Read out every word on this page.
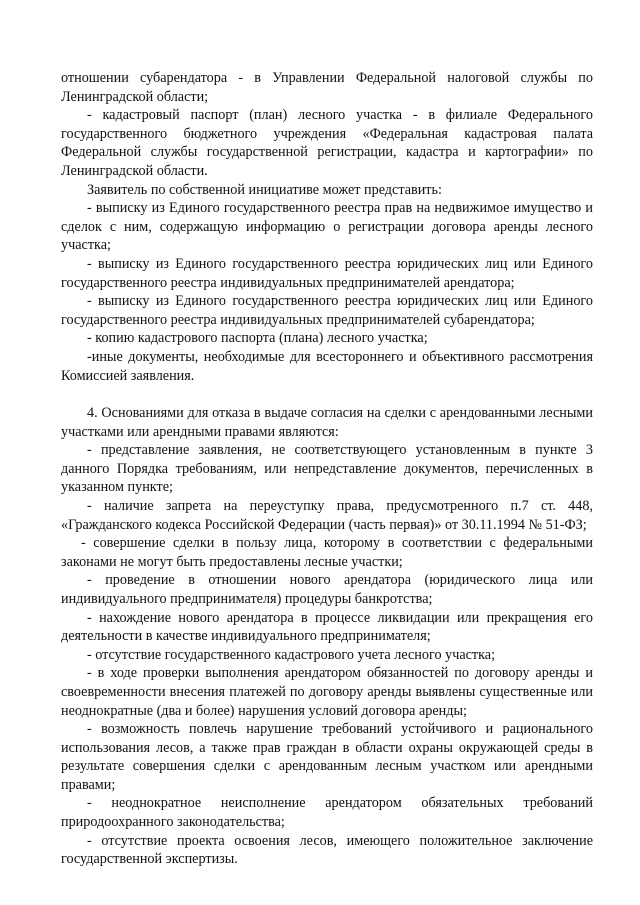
отношении субарендатора - в Управлении Федеральной налоговой службы по Ленинградской области;

- кадастровый паспорт (план) лесного участка - в филиале Федерального государственного бюджетного учреждения «Федеральная кадастровая палата Федеральной службы государственной регистрации, кадастра и картографии» по Ленинградской области.

Заявитель по собственной инициативе может представить:

- выписку из Единого государственного реестра прав на недвижимое имущество и сделок с ним, содержащую информацию о регистрации договора аренды лесного участка;

- выписку из Единого государственного реестра юридических лиц или Единого государственного реестра индивидуальных предпринимателей арендатора;

- выписку из Единого государственного реестра юридических лиц или Единого государственного реестра индивидуальных предпринимателей субарендатора;

- копию кадастрового паспорта (плана) лесного участка;

-иные документы, необходимые для всестороннего и объективного рассмотрения Комиссией заявления.

4. Основаниями для отказа в выдаче согласия на сделки с арендованными лесными участками или арендными правами являются:

- представление заявления, не соответствующего установленным в пункте 3 данного Порядка требованиям, или непредставление документов, перечисленных в указанном пункте;

- наличие запрета на переуступку права, предусмотренного п.7 ст. 448, «Гражданского кодекса Российской Федерации (часть первая)» от 30.11.1994 № 51-ФЗ;

- совершение сделки в пользу лица, которому в соответствии с федеральными законами не могут быть предоставлены лесные участки;

- проведение в отношении нового арендатора (юридического лица или индивидуального предпринимателя) процедуры банкротства;

- нахождение нового арендатора в процессе ликвидации или прекращения его деятельности в качестве индивидуального предпринимателя;

- отсутствие государственного кадастрового учета лесного участка;

- в ходе проверки выполнения арендатором обязанностей по договору аренды и своевременности внесения платежей по договору аренды выявлены существенные или неоднократные (два и более) нарушения условий договора аренды;

- возможность повлечь нарушение требований устойчивого и рационального использования лесов, а также прав граждан в области охраны окружающей среды в результате совершения сделки с арендованным лесным участком или арендными правами;

- неоднократное неисполнение арендатором обязательных требований природоохранного законодательства;

- отсутствие проекта освоения лесов, имеющего положительное заключение государственной экспертизы.
